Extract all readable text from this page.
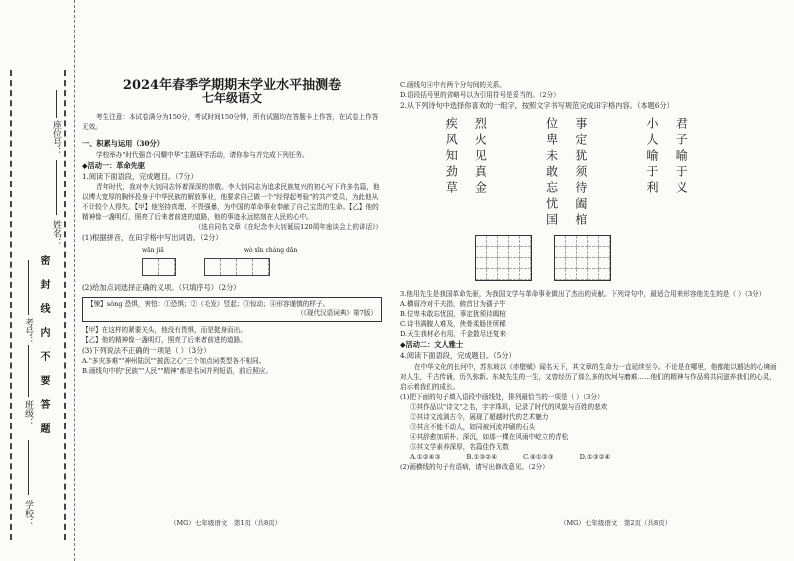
座位号：
姓名：
考号：
班级：
学校：
密封线内不要答题

2024年春季学期期末学业水平抽测卷

七年级语文

考生注意：本试卷满分为150分，考试时间150分钟，所有试题均在答题卡上作答，在试卷上作答无效。
一、积累与运用（30分）
学校举办"时代强音·闪耀中华"主题研学活动，请你参与并完成下列任务。
◆活动一：革命先驱
1.阅读下面语段，完成题目。（7分）
青年时代，我对李大钊同志怀着深深的崇敬。李大钊同志为追求民族复兴的初心写下许多名篇，他以博大宽厚的胸怀投身于中华民族的解放事业，他要求自己做一个"经得起考验"的共产党员，为此他从不计较个人得失。【甲】他坚持真理、不畏强暴，为中国的革命事业奉献了自己宝贵的生命。【乙】他的精神像一盏明灯，照亮了后来者前进的道路，他的事迹永远铭刻在人民的心中。
（选自同名文章《在纪念李大钊诞辰120周年座谈会上的讲话》）
(1)根据拼音，在田字格中写出词语。（2分）
wān jiā	wò xīn cháng dǎn
(2)给加点词选择正确的义项。（只填序号）（2分）
【悚】sǒng 恐惧，害怕：①恐惧；②（毛发）竖起；③惊动；④形容谨慎的样子。
（《现代汉语词典》第7版）
【甲】在这样的紧要关头，他没有畏惧，而是挺身而出。
【乙】他的精神像一盏明灯，照亮了后来者前进的道路。
(3)下列说法不正确的一项是（ ）（3分）
A."多灾多难""神州陆沉""披沥之心"三个加点词类型各不相同。
B.画线句中的"民族""人民""精神"都是名词并列短语，前后照应。
C.画线句④中有两个分句间的关系。
D.语段括号里的省略号以为引用符号是妥当的。（2分）
2.从下列诗句中选择你喜欢的一组字，按照文字书写规范完成田字格内容。（本题6分）
疾风知劲草 烈火见真金	位卑未敢忘忧国 事定犹须待阖棺	小人喻于利 君子喻于义
3.他用先生是我国革命先驱，为我国文学与革命事业做出了杰出的贡献。下列诗句中，最适合用来形容他先生的是（ ）（3分）
A.横眉冷对千夫指，俯首甘为孺子牛
B.位卑未敢忘忧国，事定犹须待阖棺
C.诗书满腹人难及，侠骨柔肠世所稀
D.天生我材必有用，千金散尽还复来
◆活动二：文人雅士
4.阅读下面语段，完成题目。（5分）
在中华文化的长河中，苏东坡以《赤壁赋》闻名天下，其文章的生命力一直延续至今。不论是在哪里，他都能以豁达的心境面对人生，千古传诵，历久弥新。东坡先生的一生，又曾经历了那么多的坎坷与磨难……他们的精神与作品将共同滋养我们的心灵，启示着我们的成长。
(1)把下面的句子填入语段中画线处，排列最恰当的一项是（ ）（3分）
①其作品以"诗文"之名，字字珠玑，记录了时代的风貌与百姓的悲欢
②其诗文流淌古今，展现了超越时代的艺术魅力
③其言不能不动人，如同被河流冲刷的石头
④其辞愈加质朴、深沉，如那一棵在风雨中屹立的青松
⑤其文学素养深厚，名篇佳作无数
A.①②④③	B.①③②④	C.④①②③	D.①③②④
(2)画横线的句子有语病，请写出修改意见。（2分）
（MG）七年级语文　第1页（共8页）	（MG）七年级语文　第2页（共8页）
